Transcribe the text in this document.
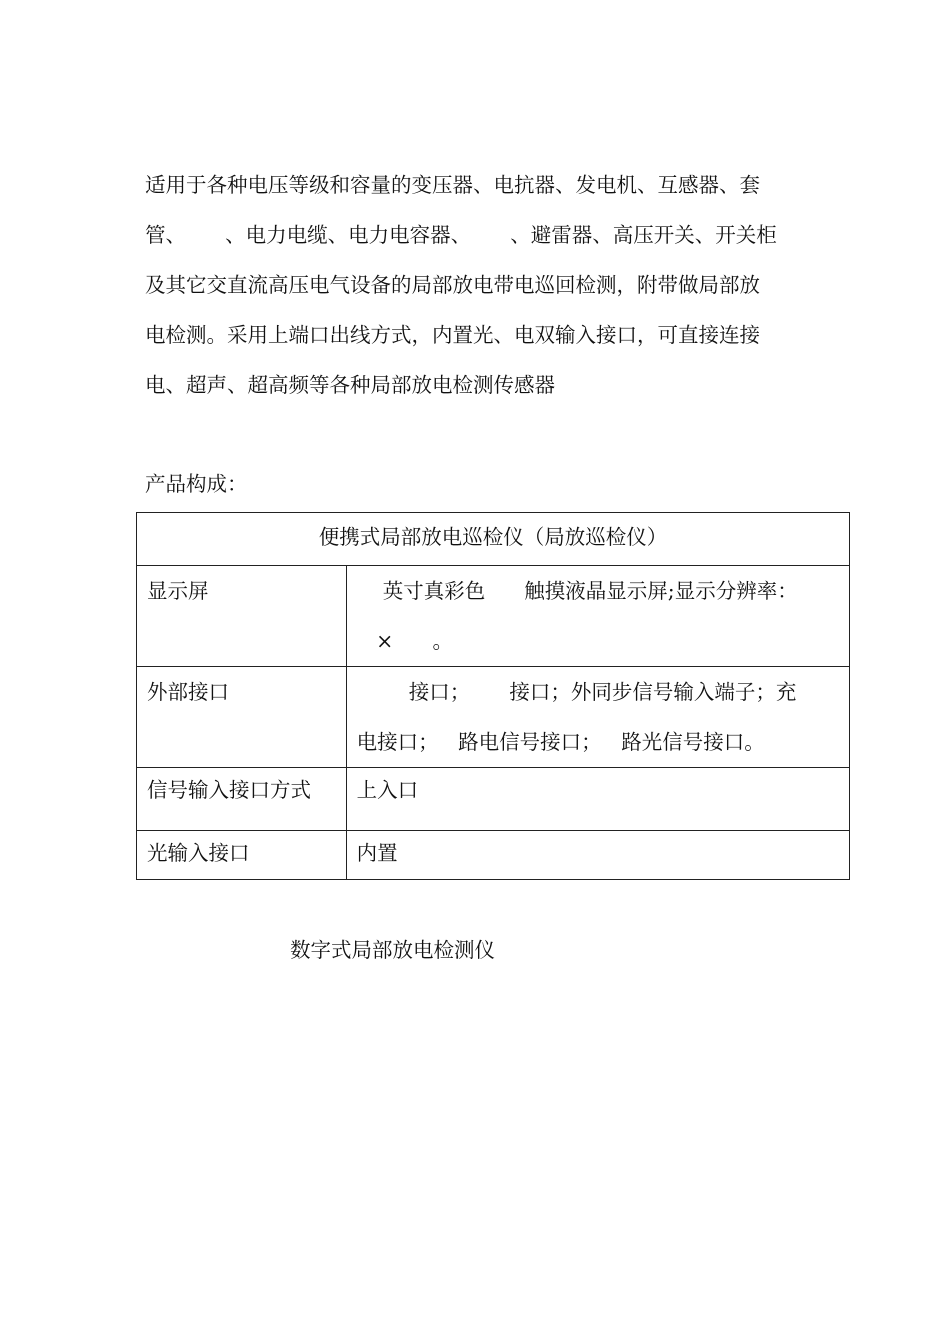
适用于各种电压等级和容量的变压器、电抗器、发电机、互感器、套
管、      、电力电缆、电力电容器、      、避雷器、高压开关、开关柜
及其它交直流高压电气设备的局部放电带电巡回检测，附带做局部放
电检测。采用上端口出线方式，内置光、电双输入接口，可直接连接
电、超声、超高频等各种局部放电检测传感器

产品构成：

便携式局部放电巡检仪（局放巡检仪）	

显示屏	英寸真彩色      触摸液晶显示屏;显示分辨率：
×      。

外部接口	接口；      接口；外同步信号输入端子；充
电接口；   路电信号接口；   路光信号接口。

信号输入接口方式	上入口

光输入接口	内置

数字式局部放电检测仪
